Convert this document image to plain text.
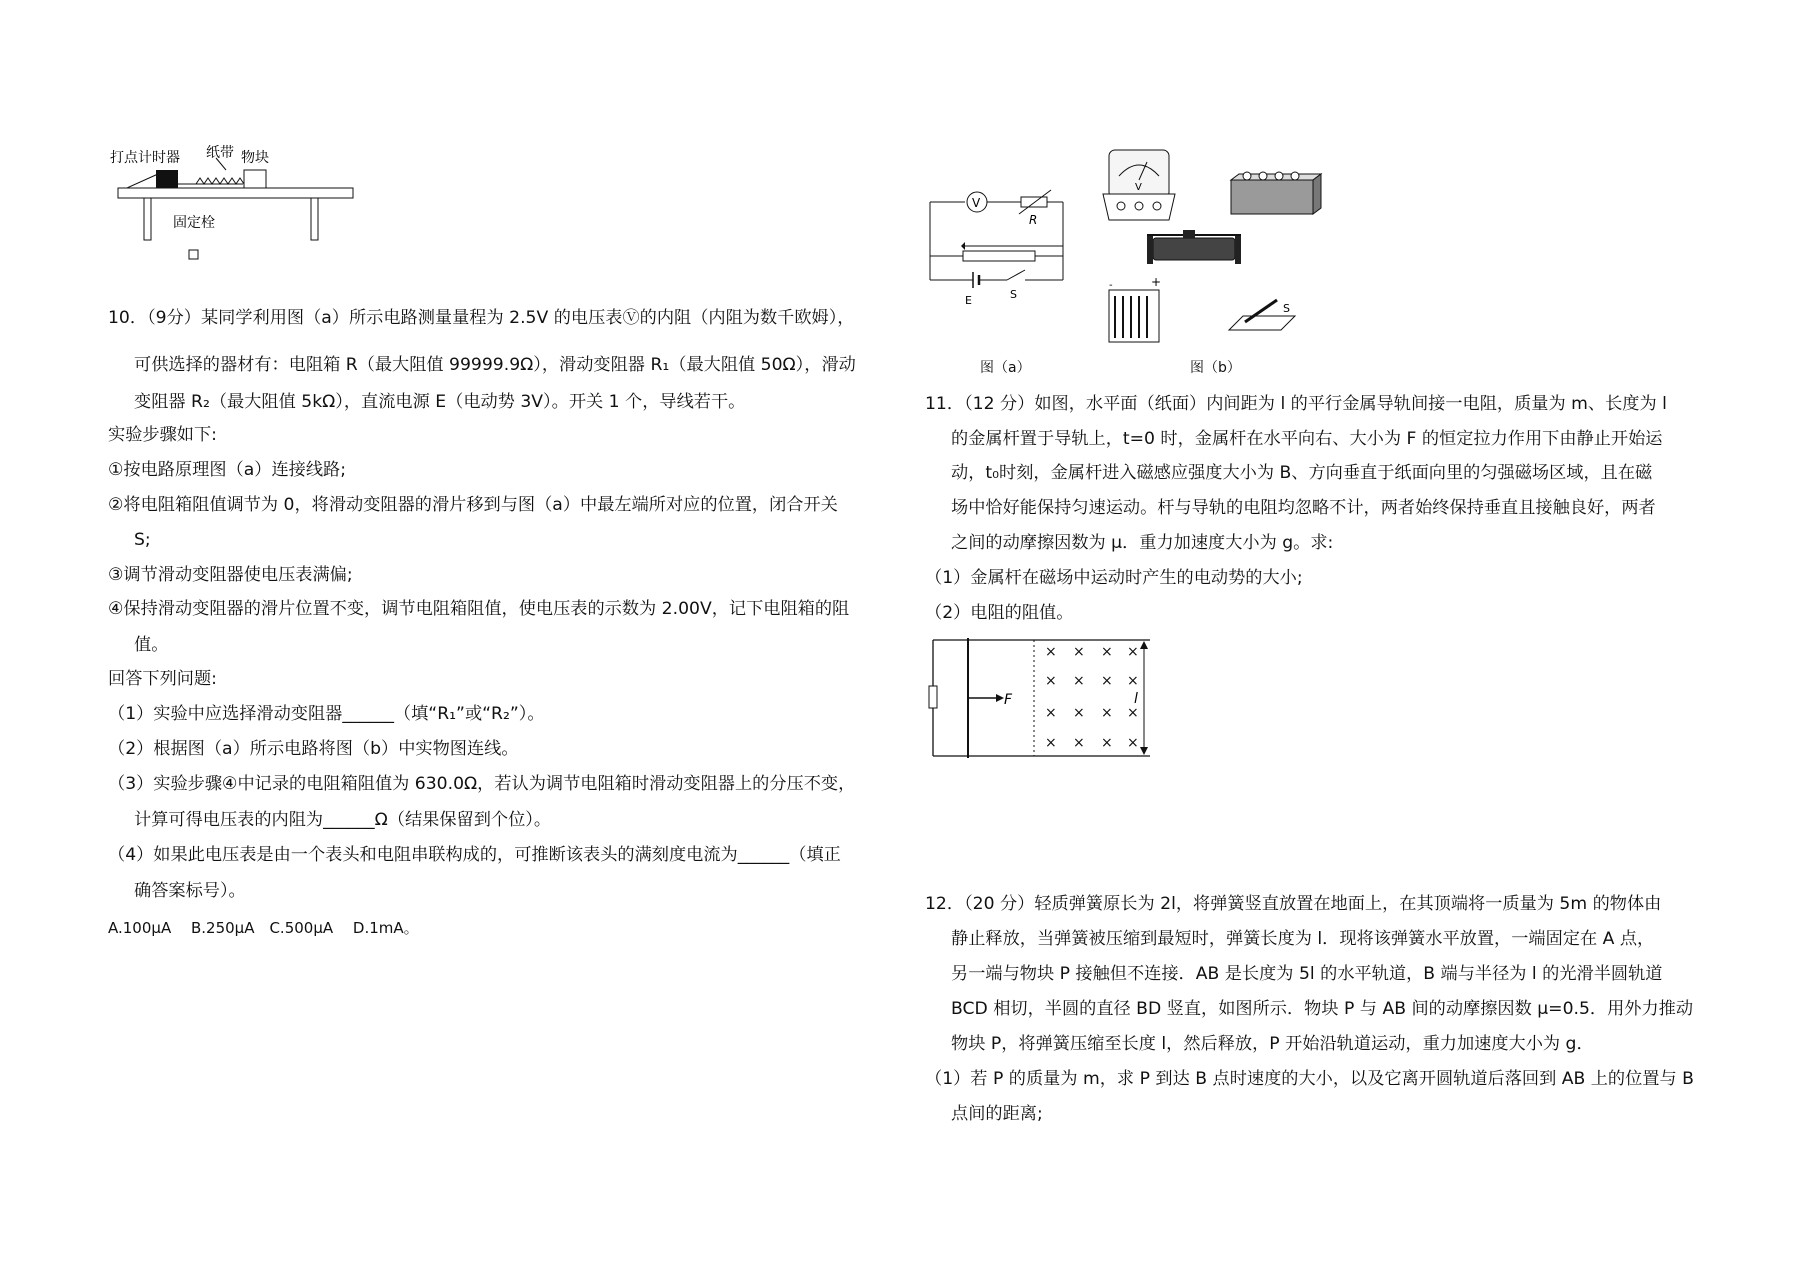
打点计时器 纸带 物块
固定栓
10．（9分）某同学利用图（a）所示电路测量量程为 2.5V 的电压表Ⓥ的内阻（内阻为数千欧姆），
可供选择的器材有：电阻箱 R（最大阻值 99999.9Ω），滑动变阻器 R₁（最大阻值 50Ω），滑动
变阻器 R₂（最大阻值 5kΩ），直流电源 E（电动势 3V）。开关 1 个，导线若干。
实验步骤如下:
①按电路原理图（a）连接线路;
②将电阻箱阻值调节为 0，将滑动变阻器的滑片移到与图（a）中最左端所对应的位置，闭合开关
S;
③调节滑动变阻器使电压表满偏;
④保持滑动变阻器的滑片位置不变，调节电阻箱阻值，使电压表的示数为 2.00V，记下电阻箱的阻
值。
回答下列问题:
（1）实验中应选择滑动变阻器______（填“R₁”或“R₂”）。
（2）根据图（a）所示电路将图（b）中实物图连线。
（3）实验步骤④中记录的电阻箱阻值为 630.0Ω，若认为调节电阻箱时滑动变阻器上的分压不变，
计算可得电压表的内阻为______Ω（结果保留到个位）。
（4）如果此电压表是由一个表头和电阻串联构成的，可推断该表头的满刻度电流为______（填正
确答案标号）。
A.100μA　 B.250μA　C.500μA　 D.1mA。
V
R
E	S
V
-	+
S
图（a）	图（b）
11．（12 分）如图，水平面（纸面）内间距为 l 的平行金属导轨间接一电阻，质量为 m、长度为 l
的金属杆置于导轨上，t=0 时，金属杆在水平向右、大小为 F 的恒定拉力作用下由静止开始运
动，t₀时刻，金属杆进入磁感应强度大小为 B、方向垂直于纸面向里的匀强磁场区域，且在磁
场中恰好能保持匀速运动。杆与导轨的电阻均忽略不计，两者始终保持垂直且接触良好，两者
之间的动摩擦因数为 μ．重力加速度大小为 g。求:
（1）金属杆在磁场中运动时产生的电动势的大小;
（2）电阻的阻值。
12．（20 分）轻质弹簧原长为 2l，将弹簧竖直放置在地面上，在其顶端将一质量为 5m 的物体由
静止释放，当弹簧被压缩到最短时，弹簧长度为 l．现将该弹簧水平放置，一端固定在 A 点，
另一端与物块 P 接触但不连接．AB 是长度为 5l 的水平轨道，B 端与半径为 l 的光滑半圆轨道
BCD 相切，半圆的直径 BD 竖直，如图所示．物块 P 与 AB 间的动摩擦因数 μ=0.5．用外力推动
物块 P，将弹簧压缩至长度 l，然后释放，P 开始沿轨道运动，重力加速度大小为 g．
（1）若 P 的质量为 m，求 P 到达 B 点时速度的大小，以及它离开圆轨道后落回到 AB 上的位置与 B
点间的距离;
F
× × × ×
× × × ×
× × × ×
× × × ×
l
